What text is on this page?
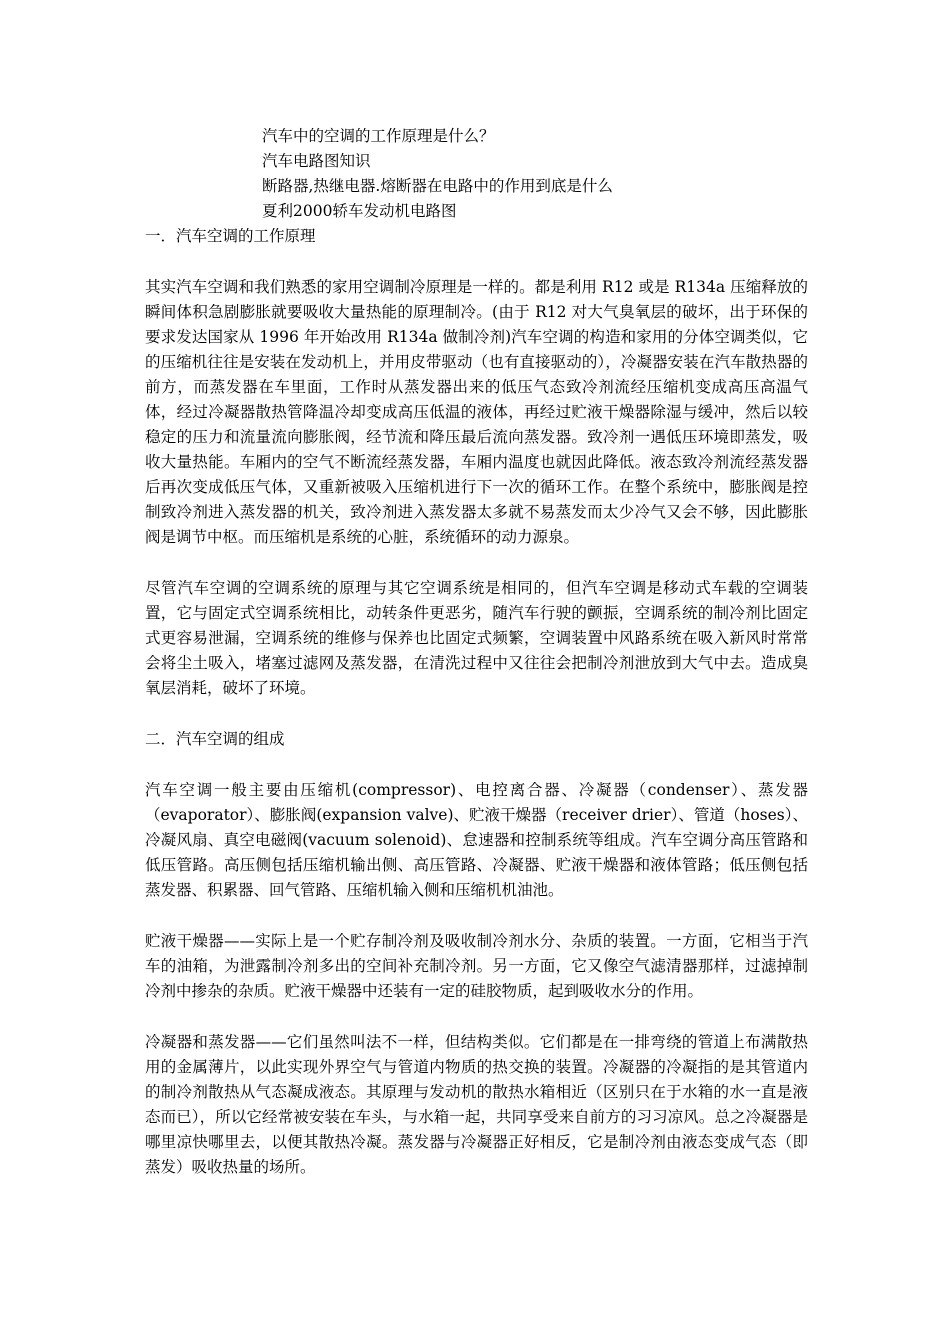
汽车中的空调的工作原理是什么？
汽车电路图知识
断路器,热继电器.熔断器在电路中的作用到底是什么
夏利2000轿车发动机电路图
一．汽车空调的工作原理

其实汽车空调和我们熟悉的家用空调制冷原理是一样的。都是利用 R12 或是 R134a 压缩释放的瞬间体积急剧膨胀就要吸收大量热能的原理制冷。(由于 R12 对大气臭氧层的破坏，出于环保的要求发达国家从 1996 年开始改用 R134a 做制冷剂)汽车空调的构造和家用的分体空调类似，它的压缩机往往是安装在发动机上，并用皮带驱动（也有直接驱动的），冷凝器安装在汽车散热器的前方，而蒸发器在车里面，工作时从蒸发器出来的低压气态致冷剂流经压缩机变成高压高温气体，经过冷凝器散热管降温冷却变成高压低温的液体，再经过贮液干燥器除湿与缓冲，然后以较稳定的压力和流量流向膨胀阀，经节流和降压最后流向蒸发器。致冷剂一遇低压环境即蒸发，吸收大量热能。车厢内的空气不断流经蒸发器，车厢内温度也就因此降低。液态致冷剂流经蒸发器后再次变成低压气体，又重新被吸入压缩机进行下一次的循环工作。在整个系统中，膨胀阀是控制致冷剂进入蒸发器的机关，致冷剂进入蒸发器太多就不易蒸发而太少冷气又会不够，因此膨胀阀是调节中枢。而压缩机是系统的心脏，系统循环的动力源泉。

尽管汽车空调的空调系统的原理与其它空调系统是相同的，但汽车空调是移动式车载的空调装置，它与固定式空调系统相比，动转条件更恶劣，随汽车行驶的颤振，空调系统的制冷剂比固定式更容易泄漏，空调系统的维修与保养也比固定式频繁，空调装置中风路系统在吸入新风时常常会将尘土吸入，堵塞过滤网及蒸发器，在清洗过程中又往往会把制冷剂泄放到大气中去。造成臭氧层消耗，破坏了环境。

二．汽车空调的组成

汽车空调一般主要由压缩机(compressor)、电控离合器、冷凝器（condenser）、蒸发器（evaporator）、膨胀阀(expansion valve)、贮液干燥器（receiver drier）、管道（hoses）、冷凝风扇、真空电磁阀(vacuum solenoid)、怠速器和控制系统等组成。汽车空调分高压管路和低压管路。高压侧包括压缩机输出侧、高压管路、冷凝器、贮液干燥器和液体管路；低压侧包括蒸发器、积累器、回气管路、压缩机输入侧和压缩机机油池。

贮液干燥器——实际上是一个贮存制冷剂及吸收制冷剂水分、杂质的装置。一方面，它相当于汽车的油箱，为泄露制冷剂多出的空间补充制冷剂。另一方面，它又像空气滤清器那样，过滤掉制冷剂中掺杂的杂质。贮液干燥器中还装有一定的硅胶物质，起到吸收水分的作用。

冷凝器和蒸发器——它们虽然叫法不一样，但结构类似。它们都是在一排弯绕的管道上布满散热用的金属薄片，以此实现外界空气与管道内物质的热交换的装置。冷凝器的冷凝指的是其管道内的制冷剂散热从气态凝成液态。其原理与发动机的散热水箱相近（区别只在于水箱的水一直是液态而已），所以它经常被安装在车头，与水箱一起，共同享受来自前方的习习凉风。总之冷凝器是哪里凉快哪里去，以便其散热冷凝。蒸发器与冷凝器正好相反，它是制冷剂由液态变成气态（即蒸发）吸收热量的场所。
